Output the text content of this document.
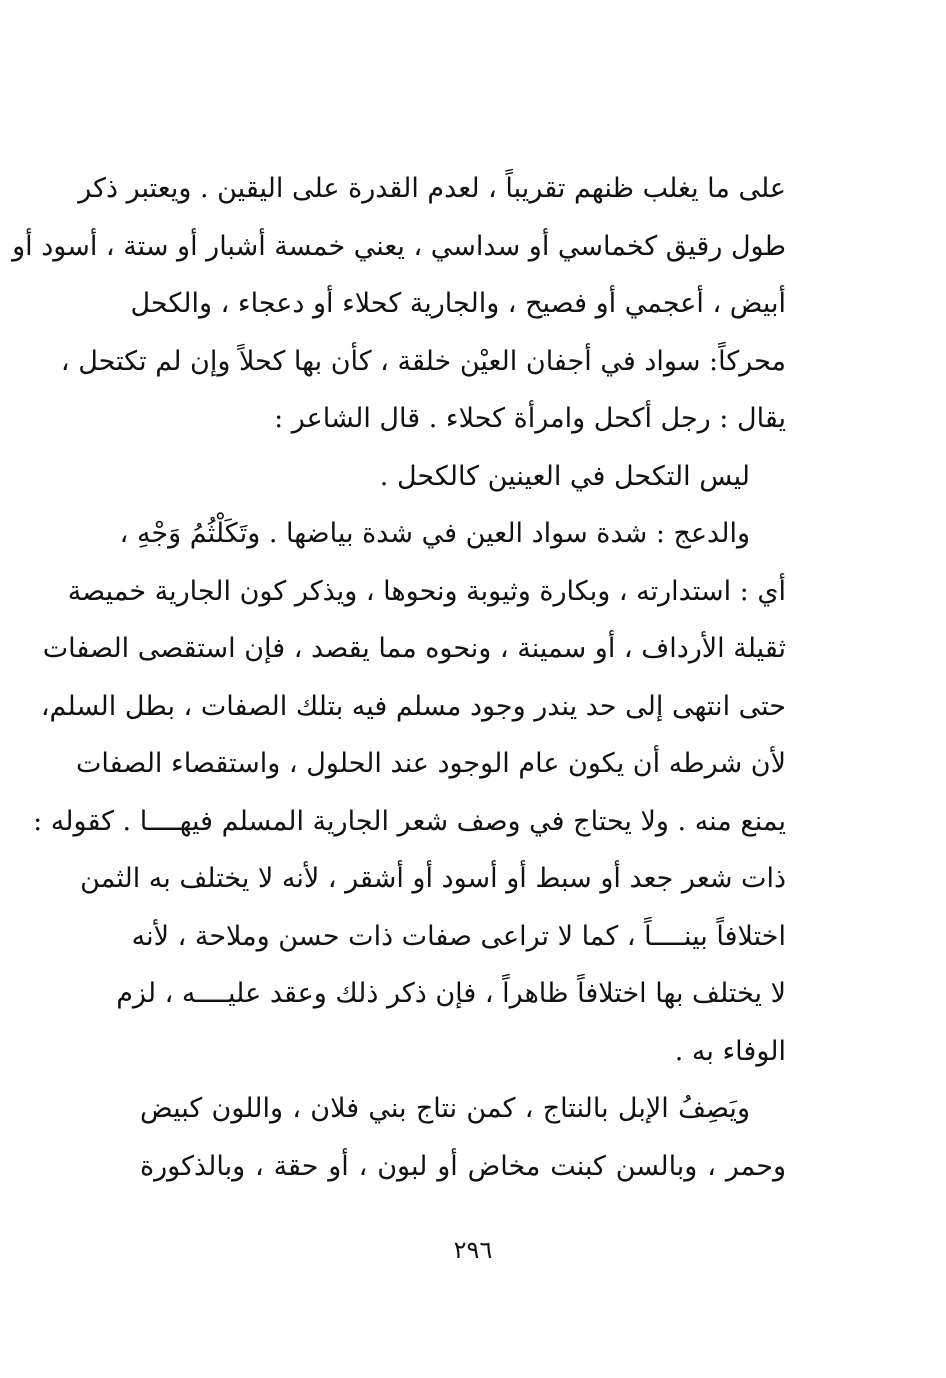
على ما يغلب ظنهم تقريباً ، لعدم القدرة على اليقين . ويعتبر ذكر
طول رقيق كخماسي أو سداسي ، يعني خمسة أشبار أو ستة ، أسود أو
أبيض ، أعجمي أو فصيح ، والجارية كحلاء أو دعجاء ، والكحل
محركاً: سواد في أجفان العيْن خلقة ، كأن بها كحلاً وإن لم تكتحل ،
يقال : رجل أكحل وامرأة كحلاء . قال الشاعر :
ليس التكحل في العينين كالكحل .
والدعج : شدة سواد العين في شدة بياضها . وتَكَلْثُمُ وَجْهِ ،
أي : استدارته ، وبكارة وثيوبة ونحوها ، ويذكر كون الجارية خميصة
ثقيلة الأرداف ، أو سمينة ، ونحوه مما يقصد ، فإن استقصى الصفات
حتى انتهى إلى حد يندر وجود مسلم فيه بتلك الصفات ، بطل السلم،
لأن شرطه أن يكون عام الوجود عند الحلول ، واستقصاء الصفات
يمنع منه . ولا يحتاج في وصف شعر الجارية المسلم فيهــــا . كقوله :
ذات شعر جعد أو سبط أو أسود أو أشقر ، لأنه لا يختلف به الثمن
اختلافاً بينــــاً ، كما لا تراعى صفات ذات حسن وملاحة ، لأنه
لا يختلف بها اختلافاً ظاهراً ، فإن ذكر ذلك وعقد عليــــه ، لزم
الوفاء به .
ويَصِفُ الإبل بالنتاج ، كمن نتاج بني فلان ، واللون كبيض
وحمر ، وبالسن كبنت مخاض أو لبون ، أو حقة ، وبالذكورة
٢٩٦
